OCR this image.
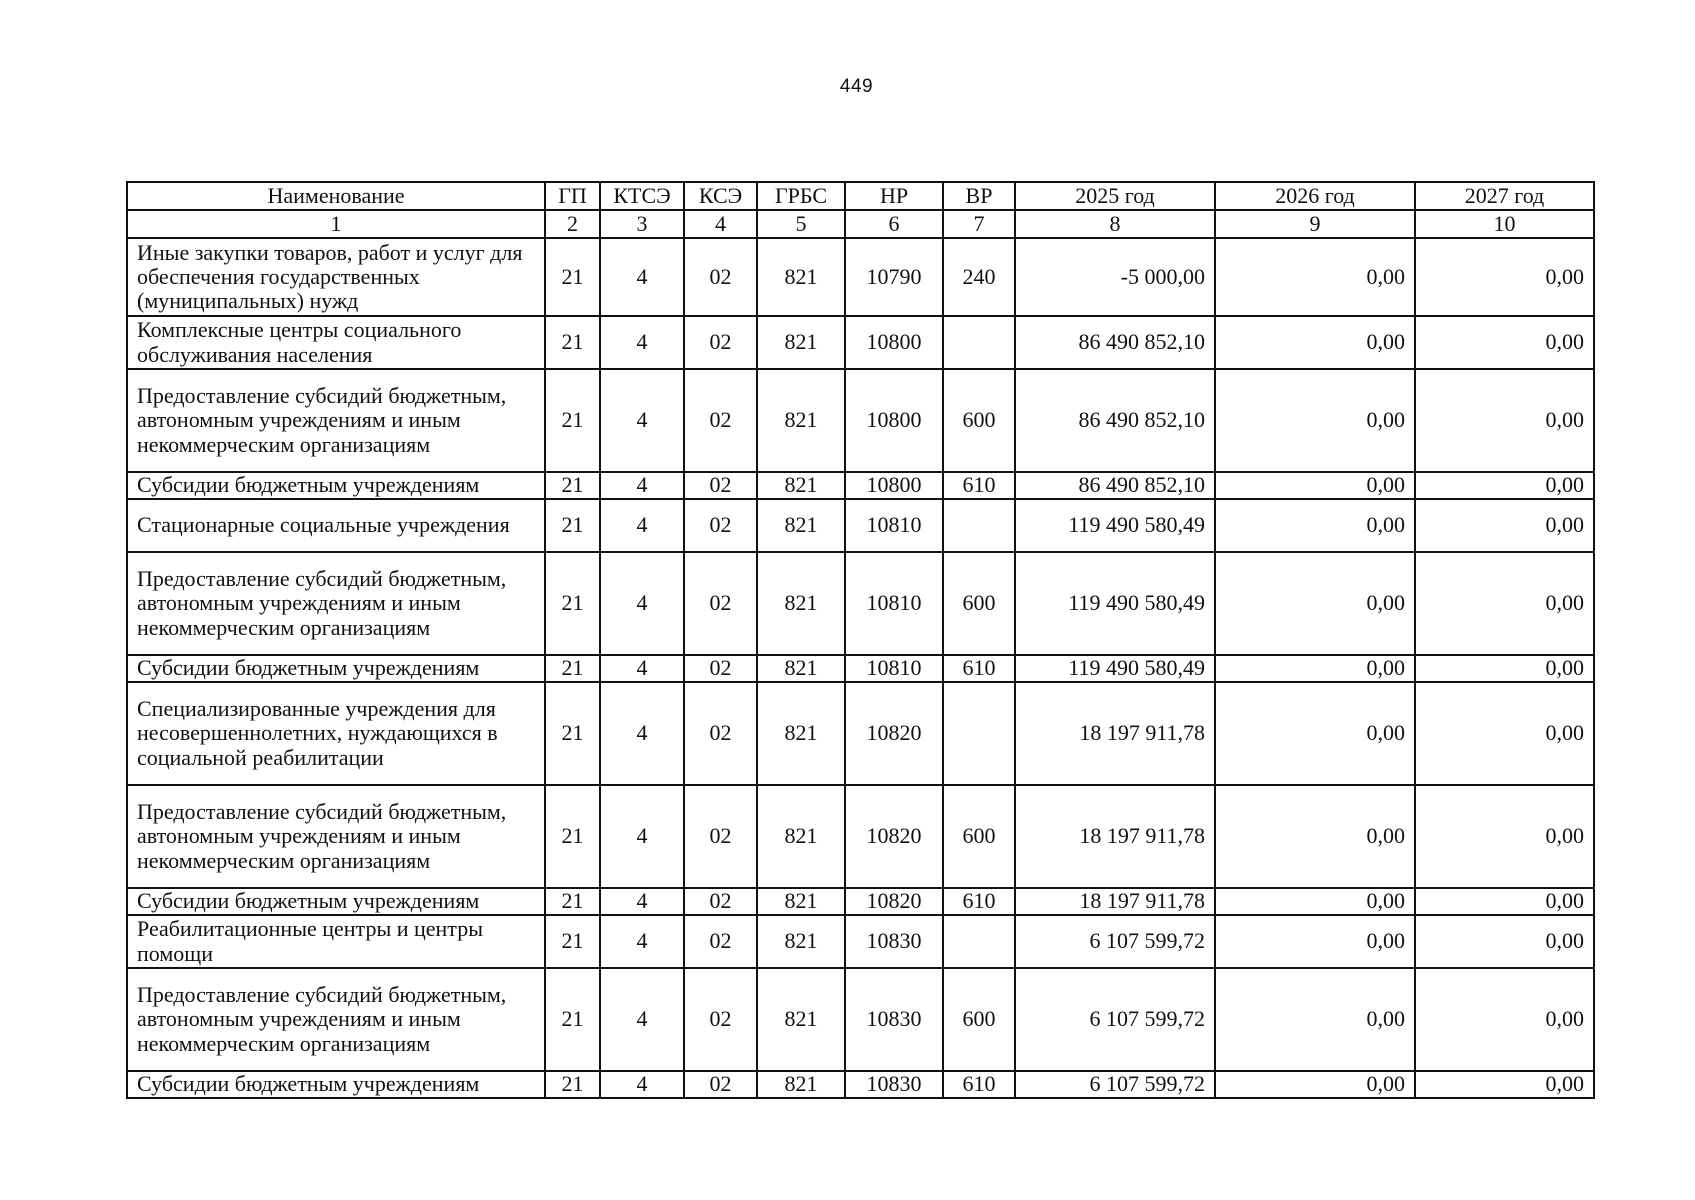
449
Наименование	ГП	КТСЭ	КСЭ	ГРБС	НР	ВР	2025 год	2026 год	2027 год
1	2	3	4	5	6	7	8	9	10
Иные закупки товаров, работ и услуг для обеспечения государственных (муниципальных) нужд	21	4	02	821	10790	240	-5 000,00	0,00	0,00
Комплексные центры социального обслуживания населения	21	4	02	821	10800		86 490 852,10	0,00	0,00
Предоставление субсидий бюджетным, автономным учреждениям и иным некоммерческим организациям	21	4	02	821	10800	600	86 490 852,10	0,00	0,00
Субсидии бюджетным учреждениям	21	4	02	821	10800	610	86 490 852,10	0,00	0,00
Стационарные социальные учреждения	21	4	02	821	10810		119 490 580,49	0,00	0,00
Предоставление субсидий бюджетным, автономным учреждениям и иным некоммерческим организациям	21	4	02	821	10810	600	119 490 580,49	0,00	0,00
Субсидии бюджетным учреждениям	21	4	02	821	10810	610	119 490 580,49	0,00	0,00
Специализированные учреждения для несовершеннолетних, нуждающихся в социальной реабилитации	21	4	02	821	10820		18 197 911,78	0,00	0,00
Предоставление субсидий бюджетным, автономным учреждениям и иным некоммерческим организациям	21	4	02	821	10820	600	18 197 911,78	0,00	0,00
Субсидии бюджетным учреждениям	21	4	02	821	10820	610	18 197 911,78	0,00	0,00
Реабилитационные центры и центры помощи	21	4	02	821	10830		6 107 599,72	0,00	0,00
Предоставление субсидий бюджетным, автономным учреждениям и иным некоммерческим организациям	21	4	02	821	10830	600	6 107 599,72	0,00	0,00
Субсидии бюджетным учреждениям	21	4	02	821	10830	610	6 107 599,72	0,00	0,00
